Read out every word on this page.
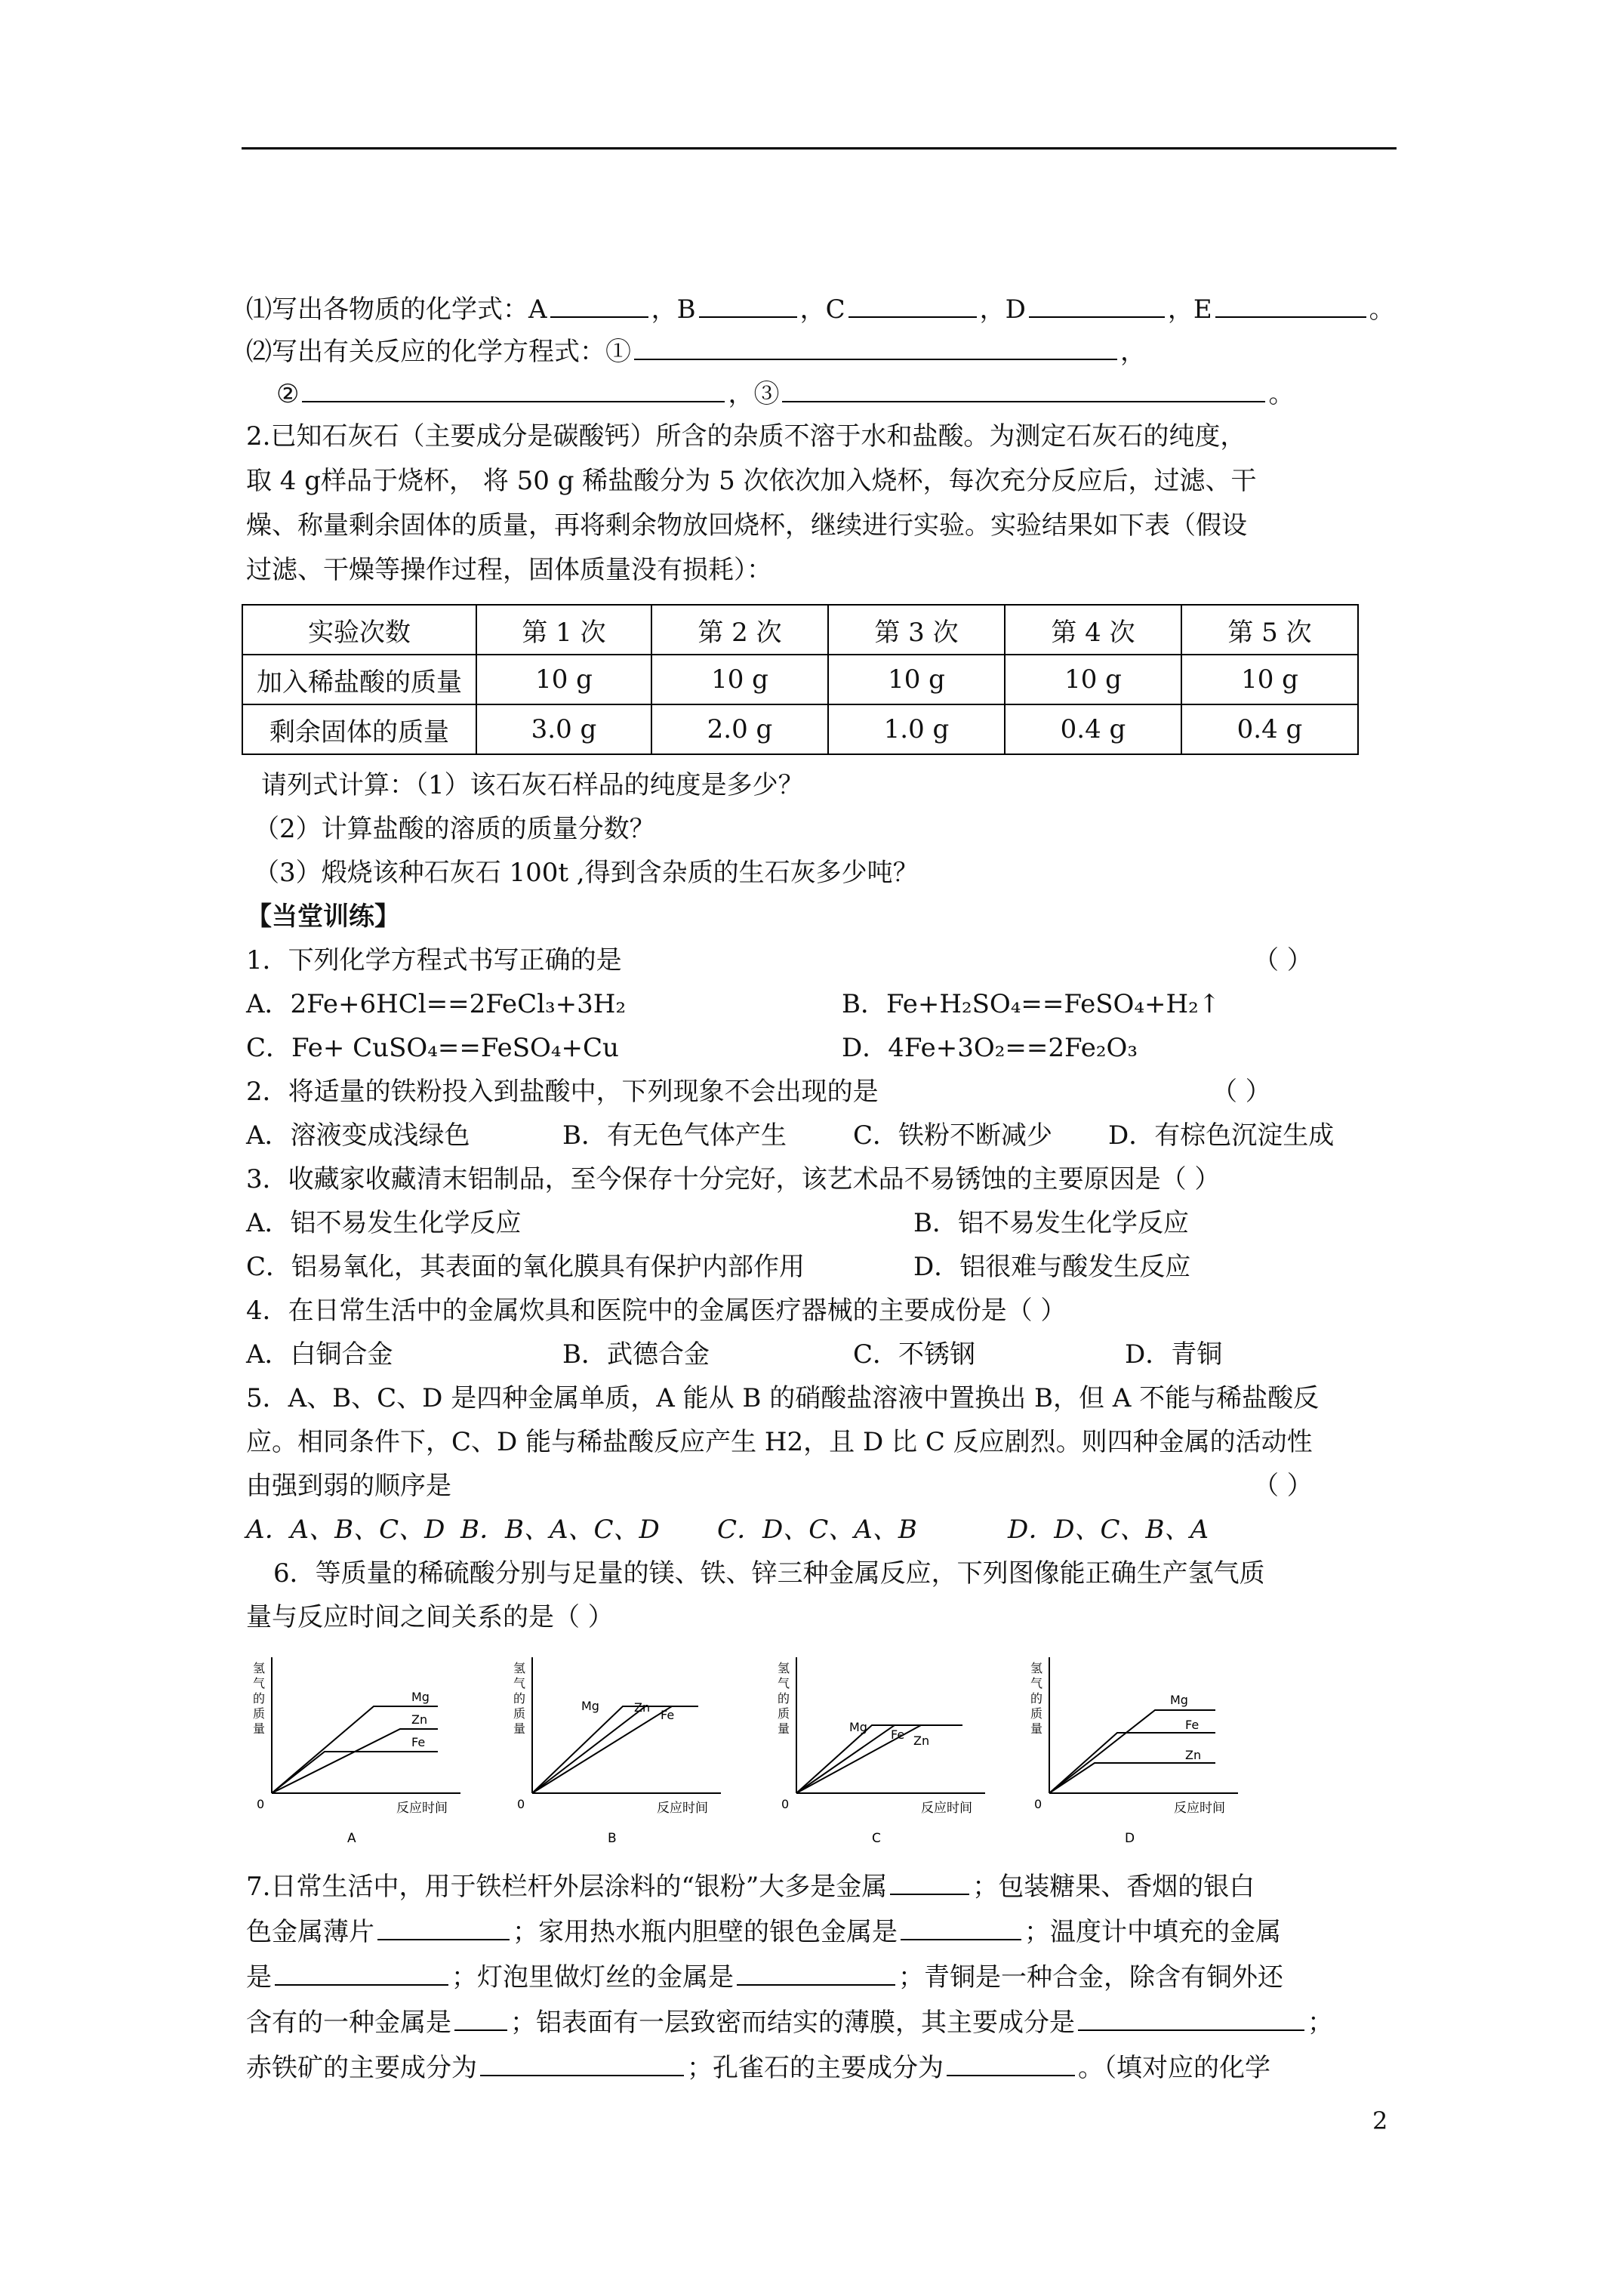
⑴写出各物质的化学式：A	，B	，C	，D	，E	。
⑵写出有关反应的化学方程式：①	，
②	，③	。
2.已知石灰石（主要成分是碳酸钙）所含的杂质不溶于水和盐酸。为测定石灰石的纯度，
取 4 g样品于烧杯， 将 50 g 稀盐酸分为 5 次依次加入烧杯，每次充分反应后，过滤、干
燥、称量剩余固体的质量，再将剩余物放回烧杯，继续进行实验。实验结果如下表（假设
过滤、干燥等操作过程，固体质量没有损耗）：
实验次数	第 1 次	第 2 次	第 3 次	第 4 次	第 5 次
加入稀盐酸的质量	10 g	10 g	10 g	10 g	10 g
剩余固体的质量	3.0 g	2.0 g	1.0 g	0.4 g	0.4 g
请列式计算：（1）该石灰石样品的纯度是多少？
（2）计算盐酸的溶质的质量分数？
（3）煅烧该种石灰石 100t ,得到含杂质的生石灰多少吨？
【当堂训练】
1．下列化学方程式书写正确的是	（ ）
A．2Fe+6HCl==2FeCl₃+3H₂	B．Fe+H₂SO₄==FeSO₄+H₂↑
C．Fe+ CuSO₄==FeSO₄+Cu	D．4Fe+3O₂==2Fe₂O₃
2．将适量的铁粉投入到盐酸中，下列现象不会出现的是	（ ）
A．溶液变成浅绿色	B．有无色气体产生	C．铁粉不断减少 D．有棕色沉淀生成
3．收藏家收藏清末铝制品，至今保存十分完好，该艺术品不易锈蚀的主要原因是（ ）
A．铝不易发生化学反应	B．铝不易发生化学反应
C．铝易氧化，其表面的氧化膜具有保护内部作用	D．铝很难与酸发生反应
4．在日常生活中的金属炊具和医院中的金属医疗器械的主要成份是（ ）
A．白铜合金	B．武德合金	C．不锈钢	D．青铜
5．A、B、C、D 是四种金属单质，A 能从 B 的硝酸盐溶液中置换出 B，但 A 不能与稀盐酸反
应。相同条件下，C、D 能与稀盐酸反应产生 H2，且 D 比 C 反应剧烈。则四种金属的活动性
由强到弱的顺序是	（ ）
A．A、B、C、D B．B、A、C、D C．D、C、A、B	D．D、C、B、A
6．等质量的稀硫酸分别与足量的镁、铁、锌三种金属反应，下列图像能正确生产氢气质
量与反应时间之间关系的是（ ）
氢
气
的
质
量
0	反应时间
A
Mg
Zn
Fe
氢
气
的
质
量
0	反应时间
B
Mg	Zn
Fe
氢
气
的
质
量
0	反应时间
C
Mg
Fe Zn
氢
气
的
质
量
0	反应时间
D
Mg
Fe
Zn
7.日常生活中，用于铁栏杆外层涂料的“银粉”大多是金属	；包装糖果、香烟的银白
色金属薄片	；家用热水瓶内胆壁的银色金属是	；温度计中填充的金属
是	；灯泡里做灯丝的金属是	；青铜是一种合金，除含有铜外还
含有的一种金属是 ；铝表面有一层致密而结实的薄膜，其主要成分是	；
赤铁矿的主要成分为	；孔雀石的主要成分为	。（填对应的化学
2
